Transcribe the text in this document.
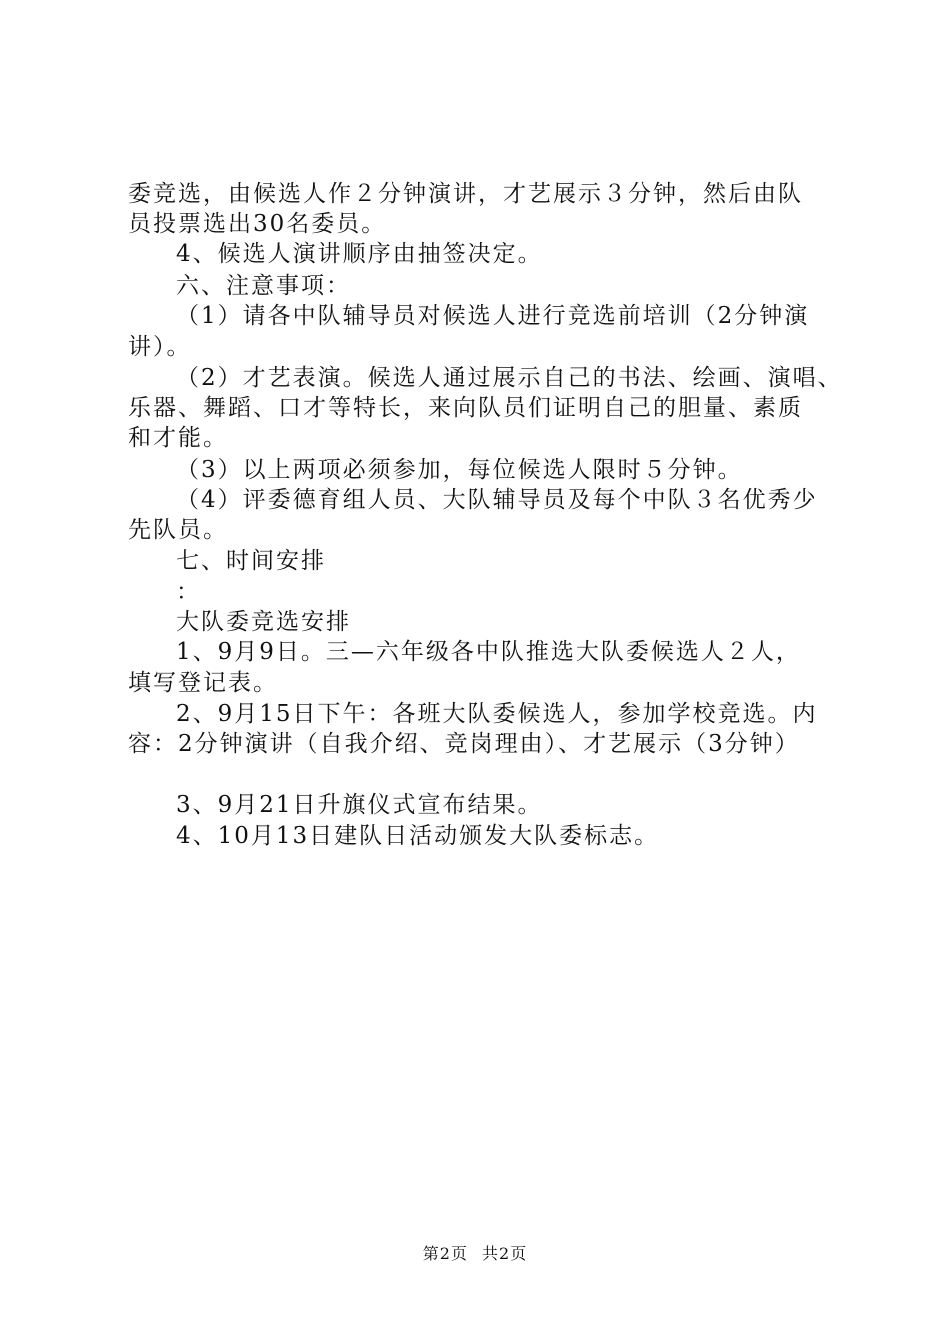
委竞选，由候选人作２分钟演讲，才艺展示３分钟，然后由队
员投票选出30名委员。
4、候选人演讲顺序由抽签决定。
六、注意事项：
（1）请各中队辅导员对候选人进行竞选前培训（2分钟演
讲）。
（2）才艺表演。候选人通过展示自己的书法、绘画、演唱、
乐器、舞蹈、口才等特长，来向队员们证明自己的胆量、素质
和才能。
（3）以上两项必须参加，每位候选人限时５分钟。
（4）评委德育组人员、大队辅导员及每个中队３名优秀少
先队员。
七、时间安排
：
大队委竞选安排
1、9月9日。三—六年级各中队推选大队委候选人２人，
填写登记表。
2、9月15日下午：各班大队委候选人，参加学校竞选。内
容：2分钟演讲（自我介绍、竞岗理由）、才艺展示（3分钟）
3、9月21日升旗仪式宣布结果。
4、10月13日建队日活动颁发大队委标志。
第2页 共2页
